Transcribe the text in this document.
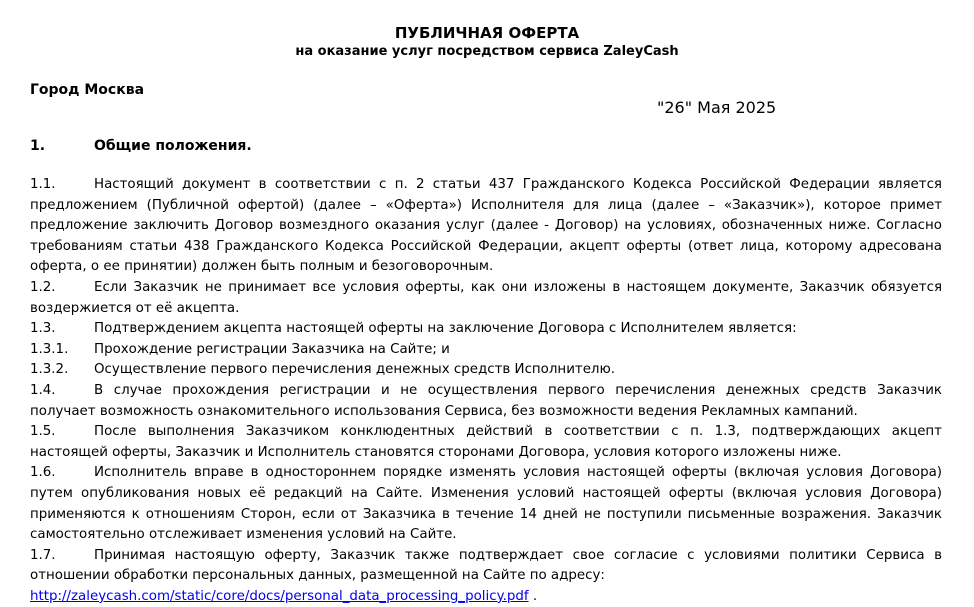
ПУБЛИЧНАЯ ОФЕРТА
на оказание услуг посредством сервиса ZaleyCash
Город Москва
"26" Мая 2025
1.	Общие положения.

1.1.	Настоящий документ в соответствии с п. 2 статьи 437 Гражданского Кодекса Российской Федерации является предложением (Публичной офертой) (далее – «Оферта») Исполнителя для лица (далее – «Заказчик»), которое примет предложение заключить Договор возмездного оказания услуг (далее - Договор) на условиях, обозначенных ниже. Согласно требованиям статьи 438 Гражданского Кодекса Российской Федерации, акцепт оферты (ответ лица, которому адресована оферта, о ее принятии) должен быть полным и безоговорочным.

1.2.	Если Заказчик не принимает все условия оферты, как они изложены в настоящем документе, Заказчик обязуется воздержиется от её акцепта.

1.3.	Подтверждением акцепта настоящей оферты на заключение Договора с Исполнителем является:

1.3.1. Прохождение регистрации Заказчика на Сайте; и

1.3.2. Осуществление первого перечисления денежных средств Исполнителю.

1.4.	В случае прохождения регистрации и не осуществления первого перечисления денежных средств Заказчик получает возможность ознакомительного использования Сервиса, без возможности ведения Рекламных кампаний.

1.5.	После выполнения Заказчиком конклюдентных действий в соответствии с п. 1.3, подтверждающих акцепт настоящей оферты, Заказчик и Исполнитель становятся сторонами Договора, условия которого изложены ниже.

1.6.	Исполнитель вправе в одностороннем порядке изменять условия настоящей оферты (включая условия Договора) путем опубликования новых её редакций на Сайте. Изменения условий настоящей оферты (включая условия Договора) применяются к отношениям Сторон, если от Заказчика в течение 14 дней не поступили письменные возражения. Заказчик самостоятельно отслеживает изменения условий на Сайте.

1.7.	Принимая настоящую оферту, Заказчик также подтверждает свое согласие с условиями политики Сервиса в отношении обработки персональных данных, размещенной на Сайте по адресу:

http://zaleycash.com/static/core/docs/personal_data_processing_policy.pdf .
